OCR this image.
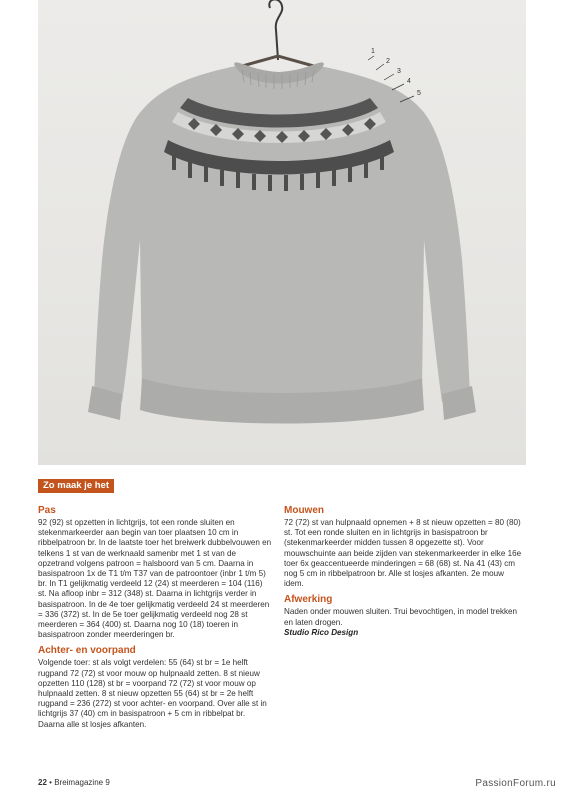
1
2
3
4
5
Zo maak je het
Pas
92 (92) st opzetten in lichtgrijs, tot een ronde sluiten en stekenmarkeerder aan begin van toer plaatsen 10 cm in ribbelpatroon br. In de laatste toer het breiwerk dubbelvouwen en telkens 1 st van de werknaald samenbr met 1 st van de opzetrand volgens patroon = halsboord van 5 cm. Daarna in basispatroon 1x de T1 t/m T37 van de patroontoer (inbr 1 t/m 5) br. In T1 gelijkmatig verdeeld 12 (24) st meerderen = 104 (116) st. Na afloop inbr = 312 (348) st. Daarna in lichtgrijs verder in basispatroon. In de 4e toer gelijkmatig verdeeld 24 st meerderen = 336 (372) st. In de 5e toer gelijkmatig verdeeld nog 28 st meerderen = 364 (400) st. Daarna nog 10 (18) toeren in basispatroon zonder meerderingen br.
Achter- en voorpand
Volgende toer: st als volgt verdelen: 55 (64) st br = 1e helft rugpand 72 (72) st voor mouw op hulpnaald zetten. 8 st nieuw opzetten 110 (128) st br = voorpand 72 (72) st voor mouw op hulpnaald zetten. 8 st nieuw opzetten 55 (64) st br = 2e helft rugpand = 236 (272) st voor achter- en voorpand. Over alle st in lichtgrijs 37 (40) cm in basispatroon + 5 cm in ribbelpat br. Daarna alle st losjes afkanten.
Mouwen
72 (72) st van hulpnaald opnemen + 8 st nieuw opzetten = 80 (80) st. Tot een ronde sluiten en in lichtgrijs in basispatroon br (stekenmarkeerder midden tussen 8 opgezette st). Voor mouwschuinte aan beide zijden van stekenmarkeerder in elke 16e toer 6x geaccentueerde minderingen = 68 (68) st. Na 41 (43) cm nog 5 cm in ribbelpatroon br. Alle st losjes afkanten. 2e mouw idem.
Afwerking
Naden onder mouwen sluiten. Trui bevochtigen, in model trekken en laten drogen.
Studio Rico Design
22 • Breimagazine 9	PassionForum.ru
